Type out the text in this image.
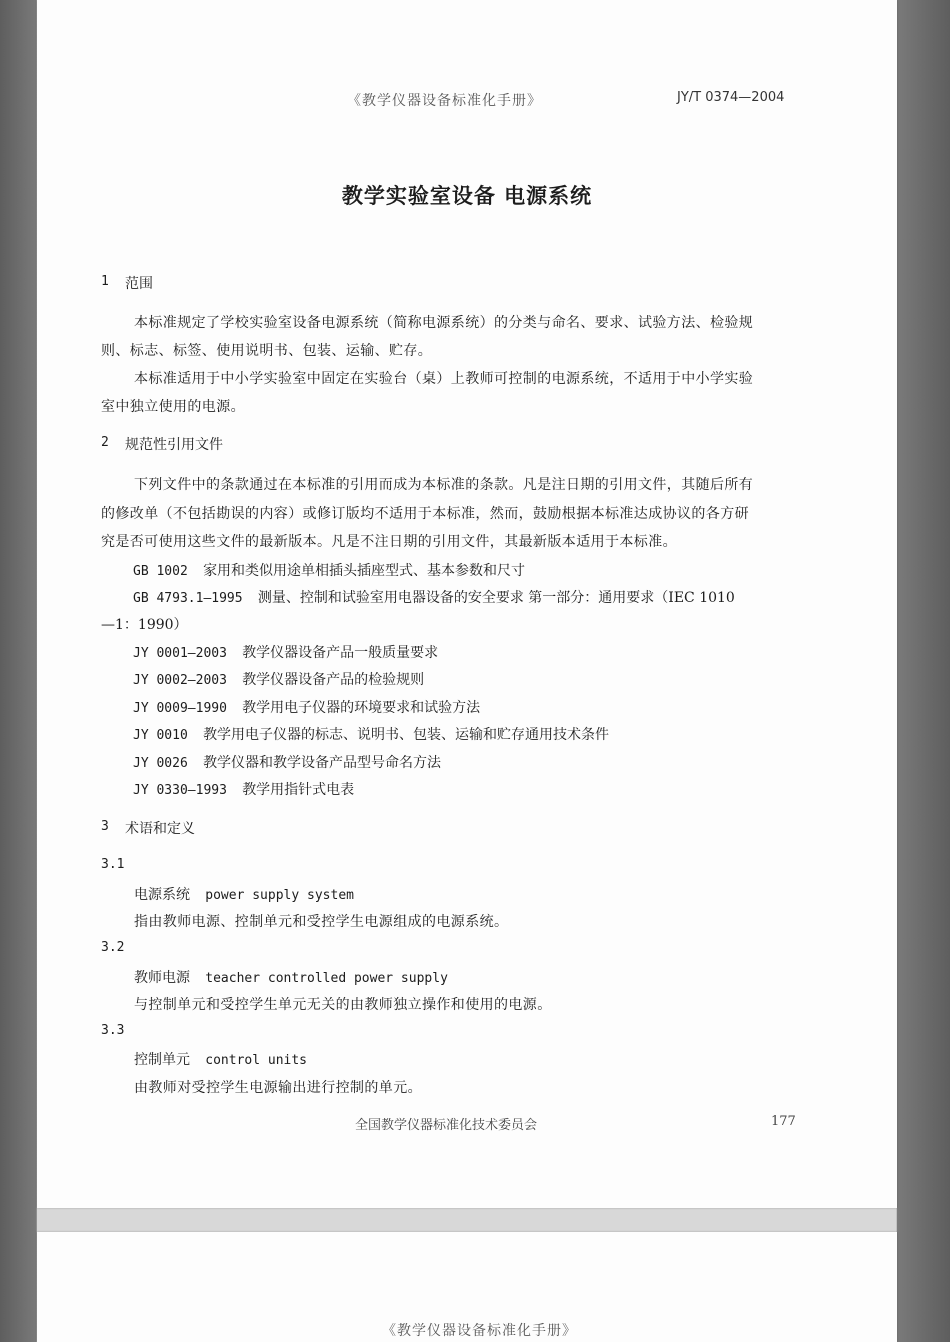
《教学仪器设备标准化手册》	JY/T 0374—2004
教学实验室设备 电源系统
1 范围
本标准规定了学校实验室设备电源系统（简称电源系统）的分类与命名、要求、试验方法、检验规
则、标志、标签、使用说明书、包装、运输、贮存。
本标准适用于中小学实验室中固定在实验台（桌）上教师可控制的电源系统，不适用于中小学实验
室中独立使用的电源。
2 规范性引用文件
下列文件中的条款通过在本标准的引用而成为本标准的条款。凡是注日期的引用文件，其随后所有
的修改单（不包括勘误的内容）或修订版均不适用于本标准，然而，鼓励根据本标准达成协议的各方研
究是否可使用这些文件的最新版本。凡是不注日期的引用文件，其最新版本适用于本标准。
GB 1002 家用和类似用途单相插头插座型式、基本参数和尺寸
GB 4793.1—1995 测量、控制和试验室用电器设备的安全要求 第一部分：通用要求（IEC 1010
—1：1990）
JY 0001—2003 教学仪器设备产品一般质量要求
JY 0002—2003 教学仪器设备产品的检验规则
JY 0009—1990 教学用电子仪器的环境要求和试验方法
JY 0010 教学用电子仪器的标志、说明书、包装、运输和贮存通用技术条件
JY 0026 教学仪器和教学设备产品型号命名方法
JY 0330—1993 教学用指针式电表
3 术语和定义
3.1
电源系统 power supply system
指由教师电源、控制单元和受控学生电源组成的电源系统。
3.2
教师电源 teacher controlled power supply
与控制单元和受控学生单元无关的由教师独立操作和使用的电源。
3.3
控制单元 control units
由教师对受控学生电源输出进行控制的单元。
全国教学仪器标准化技术委员会	177
《教学仪器设备标准化手册》
